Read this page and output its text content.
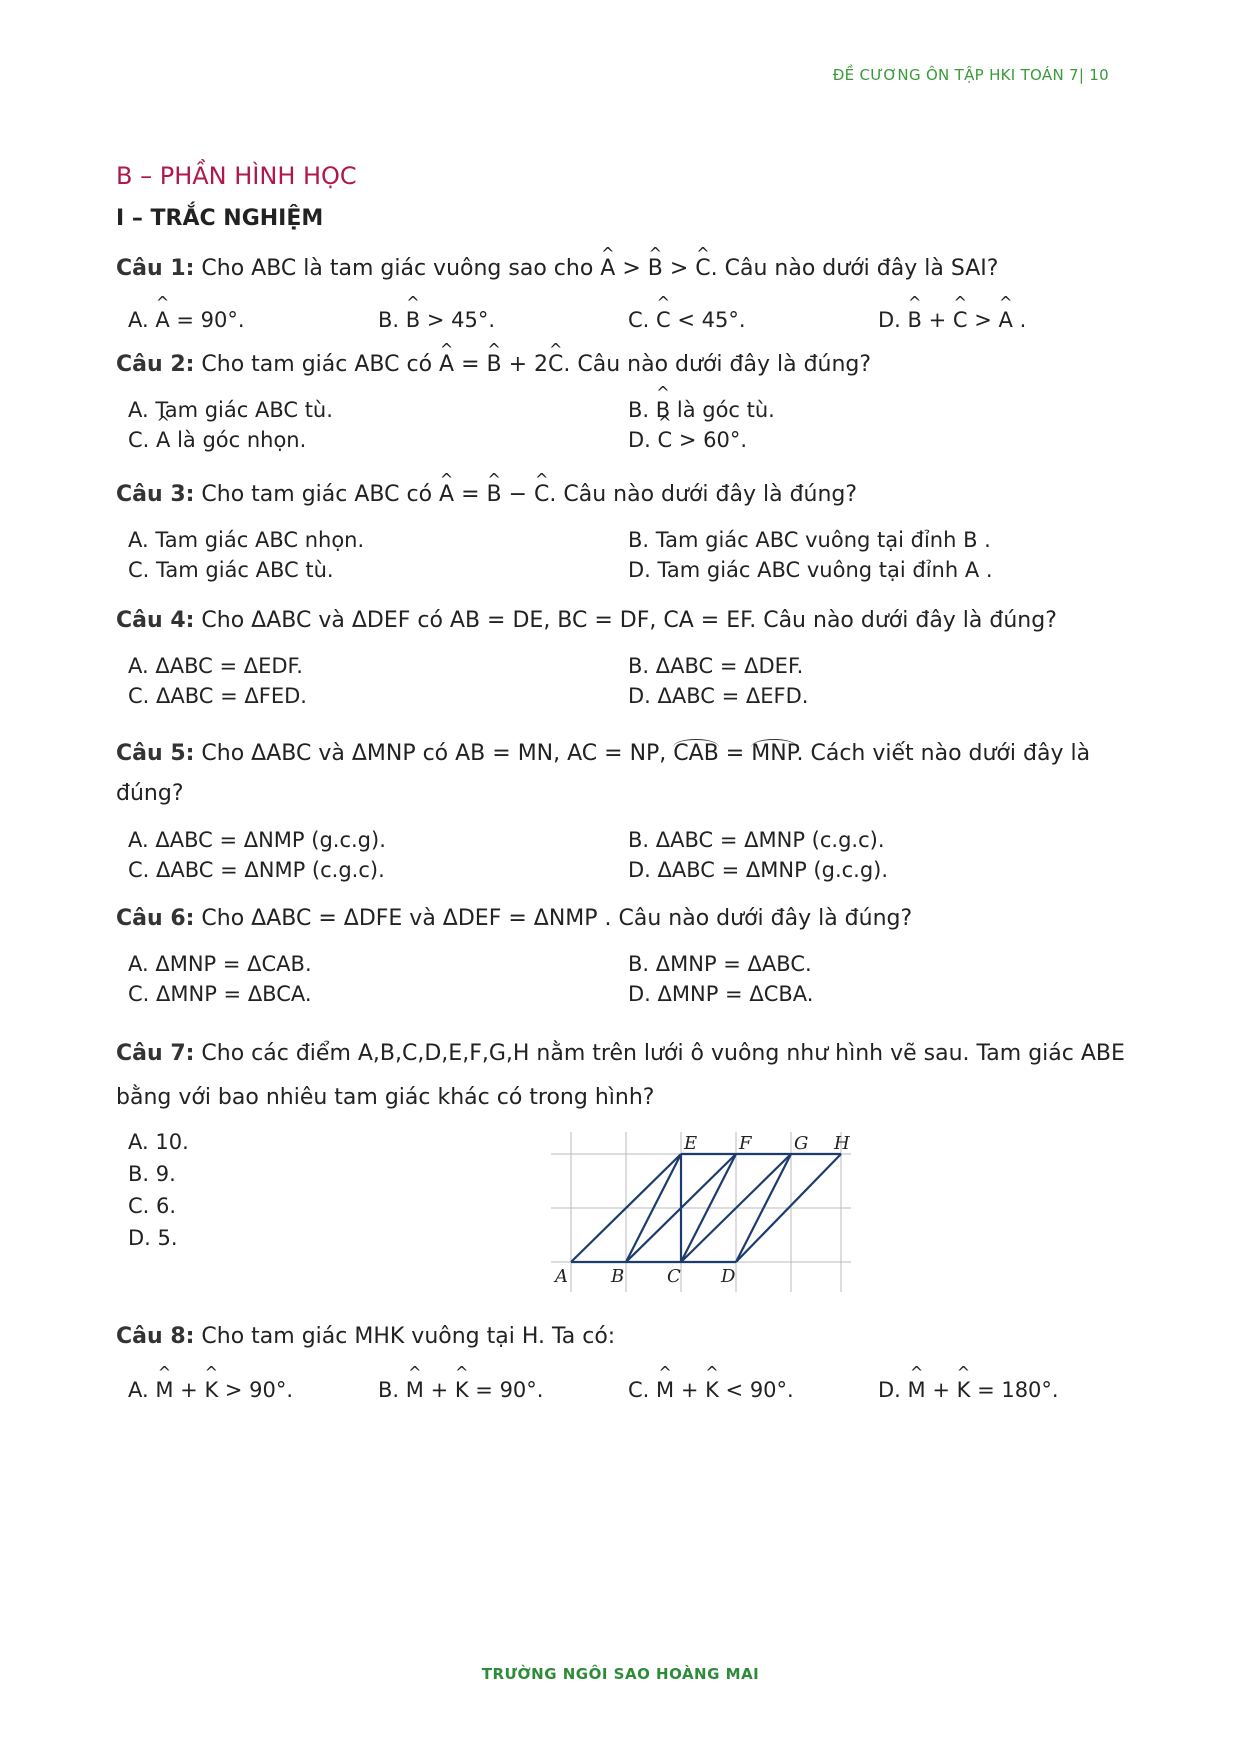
ĐỀ CƯƠNG ÔN TẬP HKI TOÁN 7| 10
B – PHẦN HÌNH HỌC
I – TRẮC NGHIỆM

Câu 1: Cho ABC là tam giác vuông sao cho ^ A > ^ B > ^ C. Câu nào dưới đây là SAI?

A. ^ A = 90°.	B. ^ B > 45°.	C. ^ C < 45°.	D. ^ B + ^ C > ^ A .

Câu 2: Cho tam giác ABC có ^ A = ^ B + 2^ C. Câu nào dưới đây là đúng?

A. Tam giác ABC tù.	B. ^ B là góc tù.
C. ^ A là góc nhọn.	D. ^ C > 60°.

Câu 3: Cho tam giác ABC có ^ A = ^ B − ^ C. Câu nào dưới đây là đúng?

A. Tam giác ABC nhọn.	B. Tam giác ABC vuông tại đỉnh B .
C. Tam giác ABC tù.	D. Tam giác ABC vuông tại đỉnh A .

Câu 4: Cho ΔABC và ΔDEF có AB = DE, BC = DF, CA = EF. Câu nào dưới đây là đúng?

A. ΔABC = ΔEDF.	B. ΔABC = ΔDEF.
C. ΔABC = ΔFED.	D. ΔABC = ΔEFD.

Câu 5: Cho ΔABC và ΔMNP có AB = MN, AC = NP, CAB = MNP. Cách viết nào dưới đây là đúng?

A. ΔABC = ΔNMP (g.c.g).	B. ΔABC = ΔMNP (c.g.c).
C. ΔABC = ΔNMP (c.g.c).	D. ΔABC = ΔMNP (g.c.g).

Câu 6: Cho ΔABC = ΔDFE và ΔDEF = ΔNMP . Câu nào dưới đây là đúng?

A. ΔMNP = ΔCAB.	B. ΔMNP = ΔABC.
C. ΔMNP = ΔBCA.	D. ΔMNP = ΔCBA.

Câu 7: Cho các điểm A,B,C,D,E,F,G,H nằm trên lưới ô vuông như hình vẽ sau. Tam giác ABE bằng với bao nhiêu tam giác khác có trong hình?

A. 10.
B. 9.
C. 6.
D. 5.
A B C D
E F G H

Câu 8: Cho tam giác MHK vuông tại H. Ta có:

A. ^ M + ^ K > 90°.	B. ^ M + ^ K = 90°.	C. ^ M + ^ K < 90°.	D. ^ M + ^ K = 180°.
TRƯỜNG NGÔI SAO HOÀNG MAI
